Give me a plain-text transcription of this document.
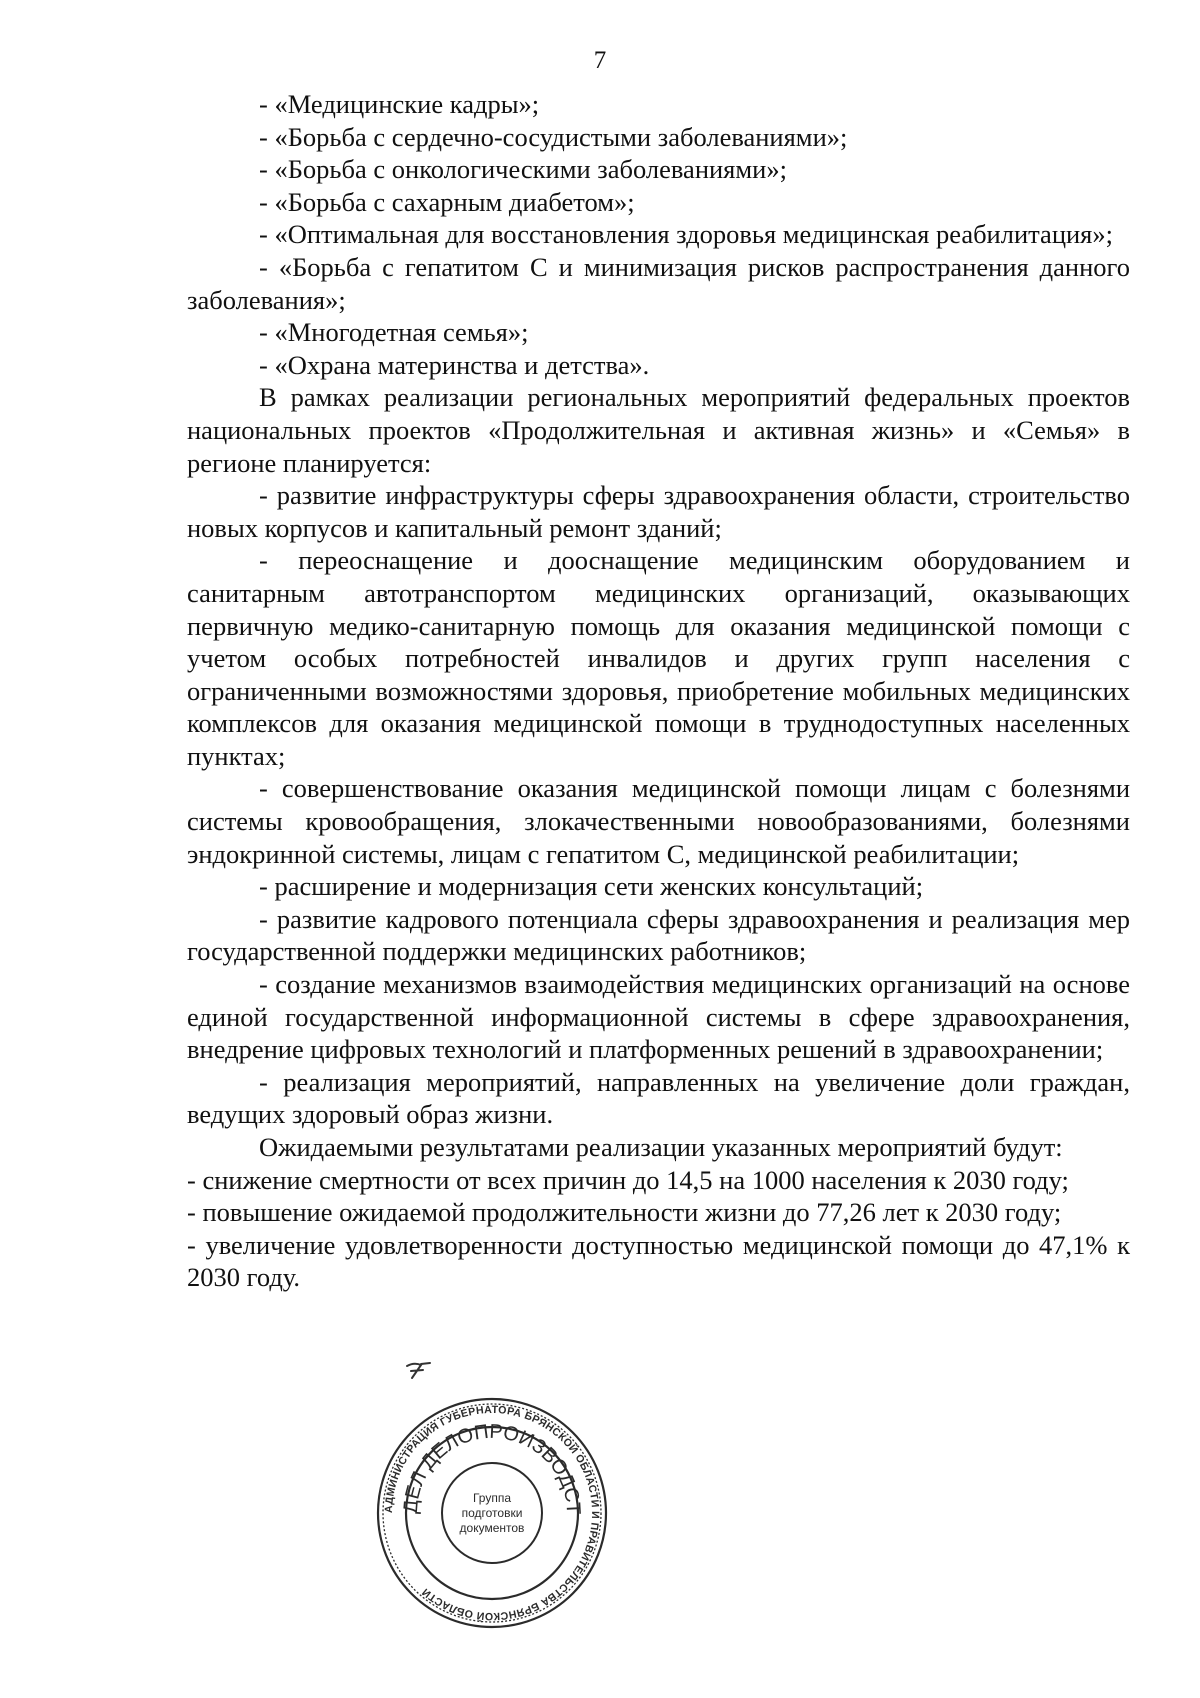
7

- «Медицинские кадры»;

- «Борьба с сердечно-сосудистыми заболеваниями»;

- «Борьба с онкологическими заболеваниями»;

- «Борьба с сахарным диабетом»;

- «Оптимальная для восстановления здоровья медицинская реабилитация»;

- «Борьба с гепатитом С и минимизация рисков распространения данного заболевания»;

- «Многодетная семья»;

- «Охрана материнства и детства».

В рамках реализации региональных мероприятий федеральных проектов национальных проектов «Продолжительная и активная жизнь» и «Семья» в регионе планируется:

- развитие инфраструктуры сферы здравоохранения области, строительство новых корпусов и капитальный ремонт зданий;

- переоснащение и дооснащение медицинским оборудованием и санитарным автотранспортом медицинских организаций, оказывающих первичную медико-санитарную помощь для оказания медицинской помощи с учетом особых потребностей инвалидов и других групп населения с ограниченными возможностями здоровья, приобретение мобильных медицинских комплексов для оказания медицинской помощи в труднодоступных населенных пунктах;

- совершенствование оказания медицинской помощи лицам с болезнями системы кровообращения, злокачественными новообразованиями, болезнями эндокринной системы, лицам с гепатитом С, медицинской реабилитации;

- расширение и модернизация сети женских консультаций;

- развитие кадрового потенциала сферы здравоохранения и реализация мер государственной поддержки медицинских работников;

- создание механизмов взаимодействия медицинских организаций на основе единой государственной информационной системы в сфере здравоохранения, внедрение цифровых технологий и платформенных решений в здравоохранении;

- реализация мероприятий, направленных на увеличение доли граждан, ведущих здоровый образ жизни.

Ожидаемыми результатами реализации указанных мероприятий будут:

- снижение смертности от всех причин до 14,5 на 1000 населения к 2030 году;

- повышение ожидаемой продолжительности жизни до 77,26 лет к 2030 году;

- увеличение удовлетворенности доступностью медицинской помощи до 47,1% к 2030 году.

АДМИНИСТРАЦИЯ ГУБЕРНАТОРА БРЯНСКОЙ ОБЛАСТИ И ПРАВИТЕЛЬСТВА БРЯНСКОЙ ОБЛАСТИ
ДЕЛ ДЕЛОПРОИЗВОДСТ
Группа
подготовки
документов
